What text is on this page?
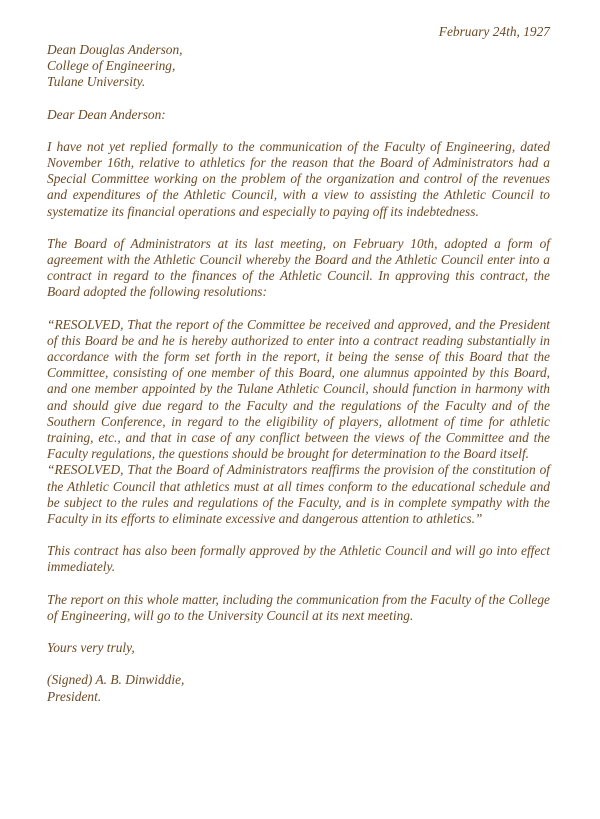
February 24th, 1927
Dean Douglas Anderson,
College of Engineering,
Tulane University.
Dear Dean Anderson:
I have not yet replied formally to the communication of the Faculty of Engineering, dated November 16th, relative to athletics for the reason that the Board of Administrators had a Special Committee working on the problem of the organization and control of the revenues and expenditures of the Athletic Council, with a view to assisting the Athletic Council to systematize its financial operations and especially to paying off its indebtedness.
The Board of Administrators at its last meeting, on February 10th, adopted a form of agreement with the Athletic Council whereby the Board and the Athletic Council enter into a contract in regard to the finances of the Athletic Council. In approving this contract, the Board adopted the following resolutions:
“RESOLVED, That the report of the Committee be received and approved, and the President of this Board be and he is hereby authorized to enter into a contract reading substantially in accordance with the form set forth in the report, it being the sense of this Board that the Committee, consisting of one member of this Board, one alumnus appointed by this Board, and one member appointed by the Tulane Athletic Council, should function in harmony with and should give due regard to the Faculty and the regulations of the Faculty and of the Southern Conference, in regard to the eligibility of players, allotment of time for athletic training, etc., and that in case of any conflict between the views of the Committee and the Faculty regulations, the questions should be brought for determination to the Board itself.
“RESOLVED, That the Board of Administrators reaffirms the provision of the constitution of the Athletic Council that athletics must at all times conform to the educational schedule and be subject to the rules and regulations of the Faculty, and is in complete sympathy with the Faculty in its efforts to eliminate excessive and dangerous attention to athletics.”
This contract has also been formally approved by the Athletic Council and will go into effect immediately.
The report on this whole matter, including the communication from the Faculty of the College of Engineering, will go to the University Council at its next meeting.
Yours very truly,
(Signed) A. B. Dinwiddie,
President.
